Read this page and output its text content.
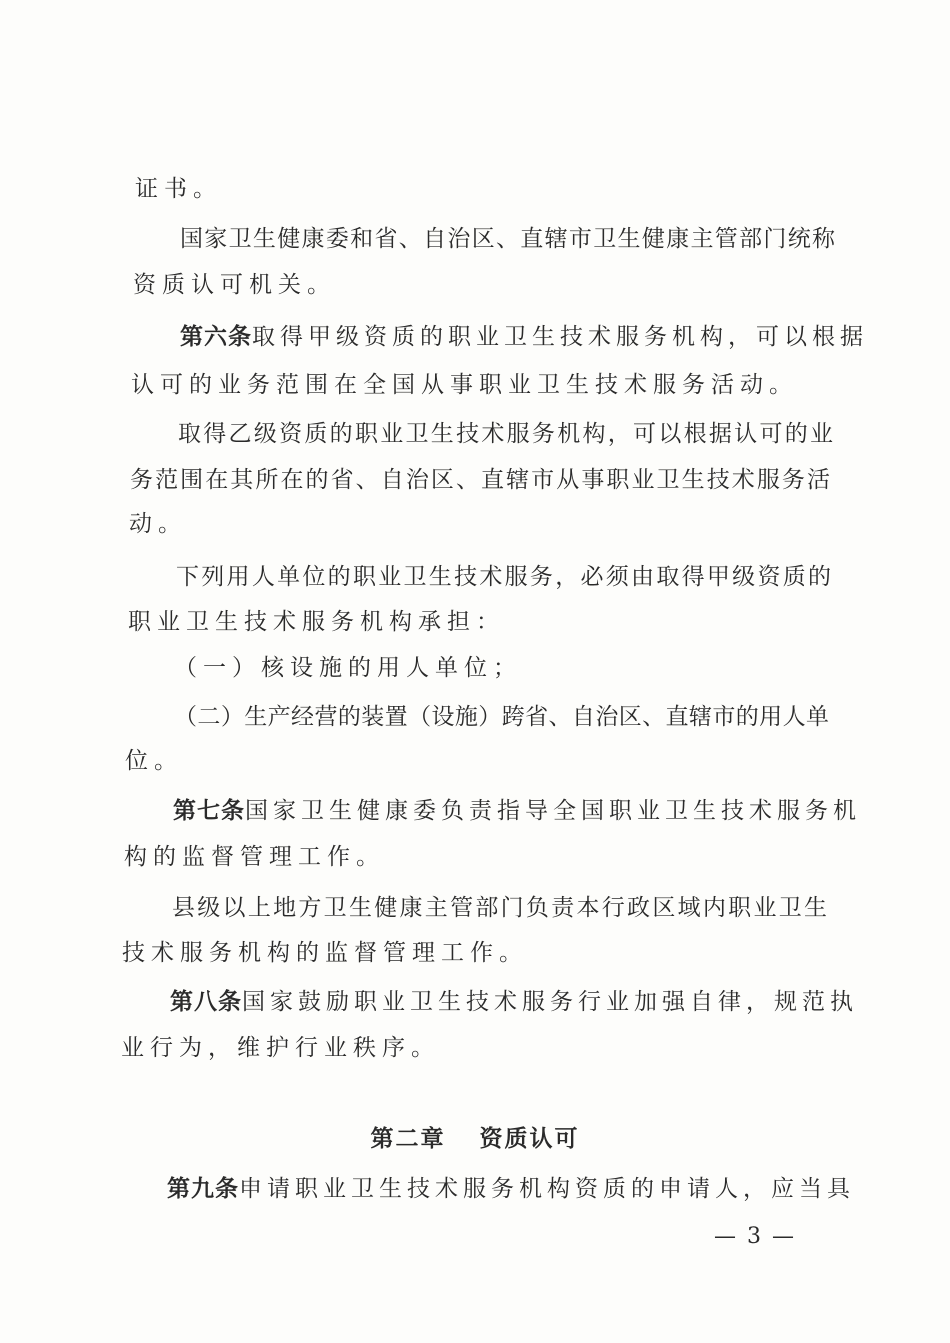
证书。
国家卫生健康委和省、自治区、直辖市卫生健康主管部门统称
资质认可机关。
第六条 取得甲级资质的职业卫生技术服务机构，可以根据
认可的业务范围在全国从事职业卫生技术服务活动。
取得乙级资质的职业卫生技术服务机构，可以根据认可的业
务范围在其所在的省、自治区、直辖市从事职业卫生技术服务活
动。
下列用人单位的职业卫生技术服务，必须由取得甲级资质的
职业卫生技术服务机构承担：
（一）核设施的用人单位；
（二）生产经营的装置（设施）跨省、自治区、直辖市的用人单
位。
第七条 国家卫生健康委负责指导全国职业卫生技术服务机
构的监督管理工作。
县级以上地方卫生健康主管部门负责本行政区域内职业卫生
技术服务机构的监督管理工作。
第八条 国家鼓励职业卫生技术服务行业加强自律，规范执
业行为，维护行业秩序。
第二章 资质认可
第九条 申请职业卫生技术服务机构资质的申请人，应当具
— 3 —
